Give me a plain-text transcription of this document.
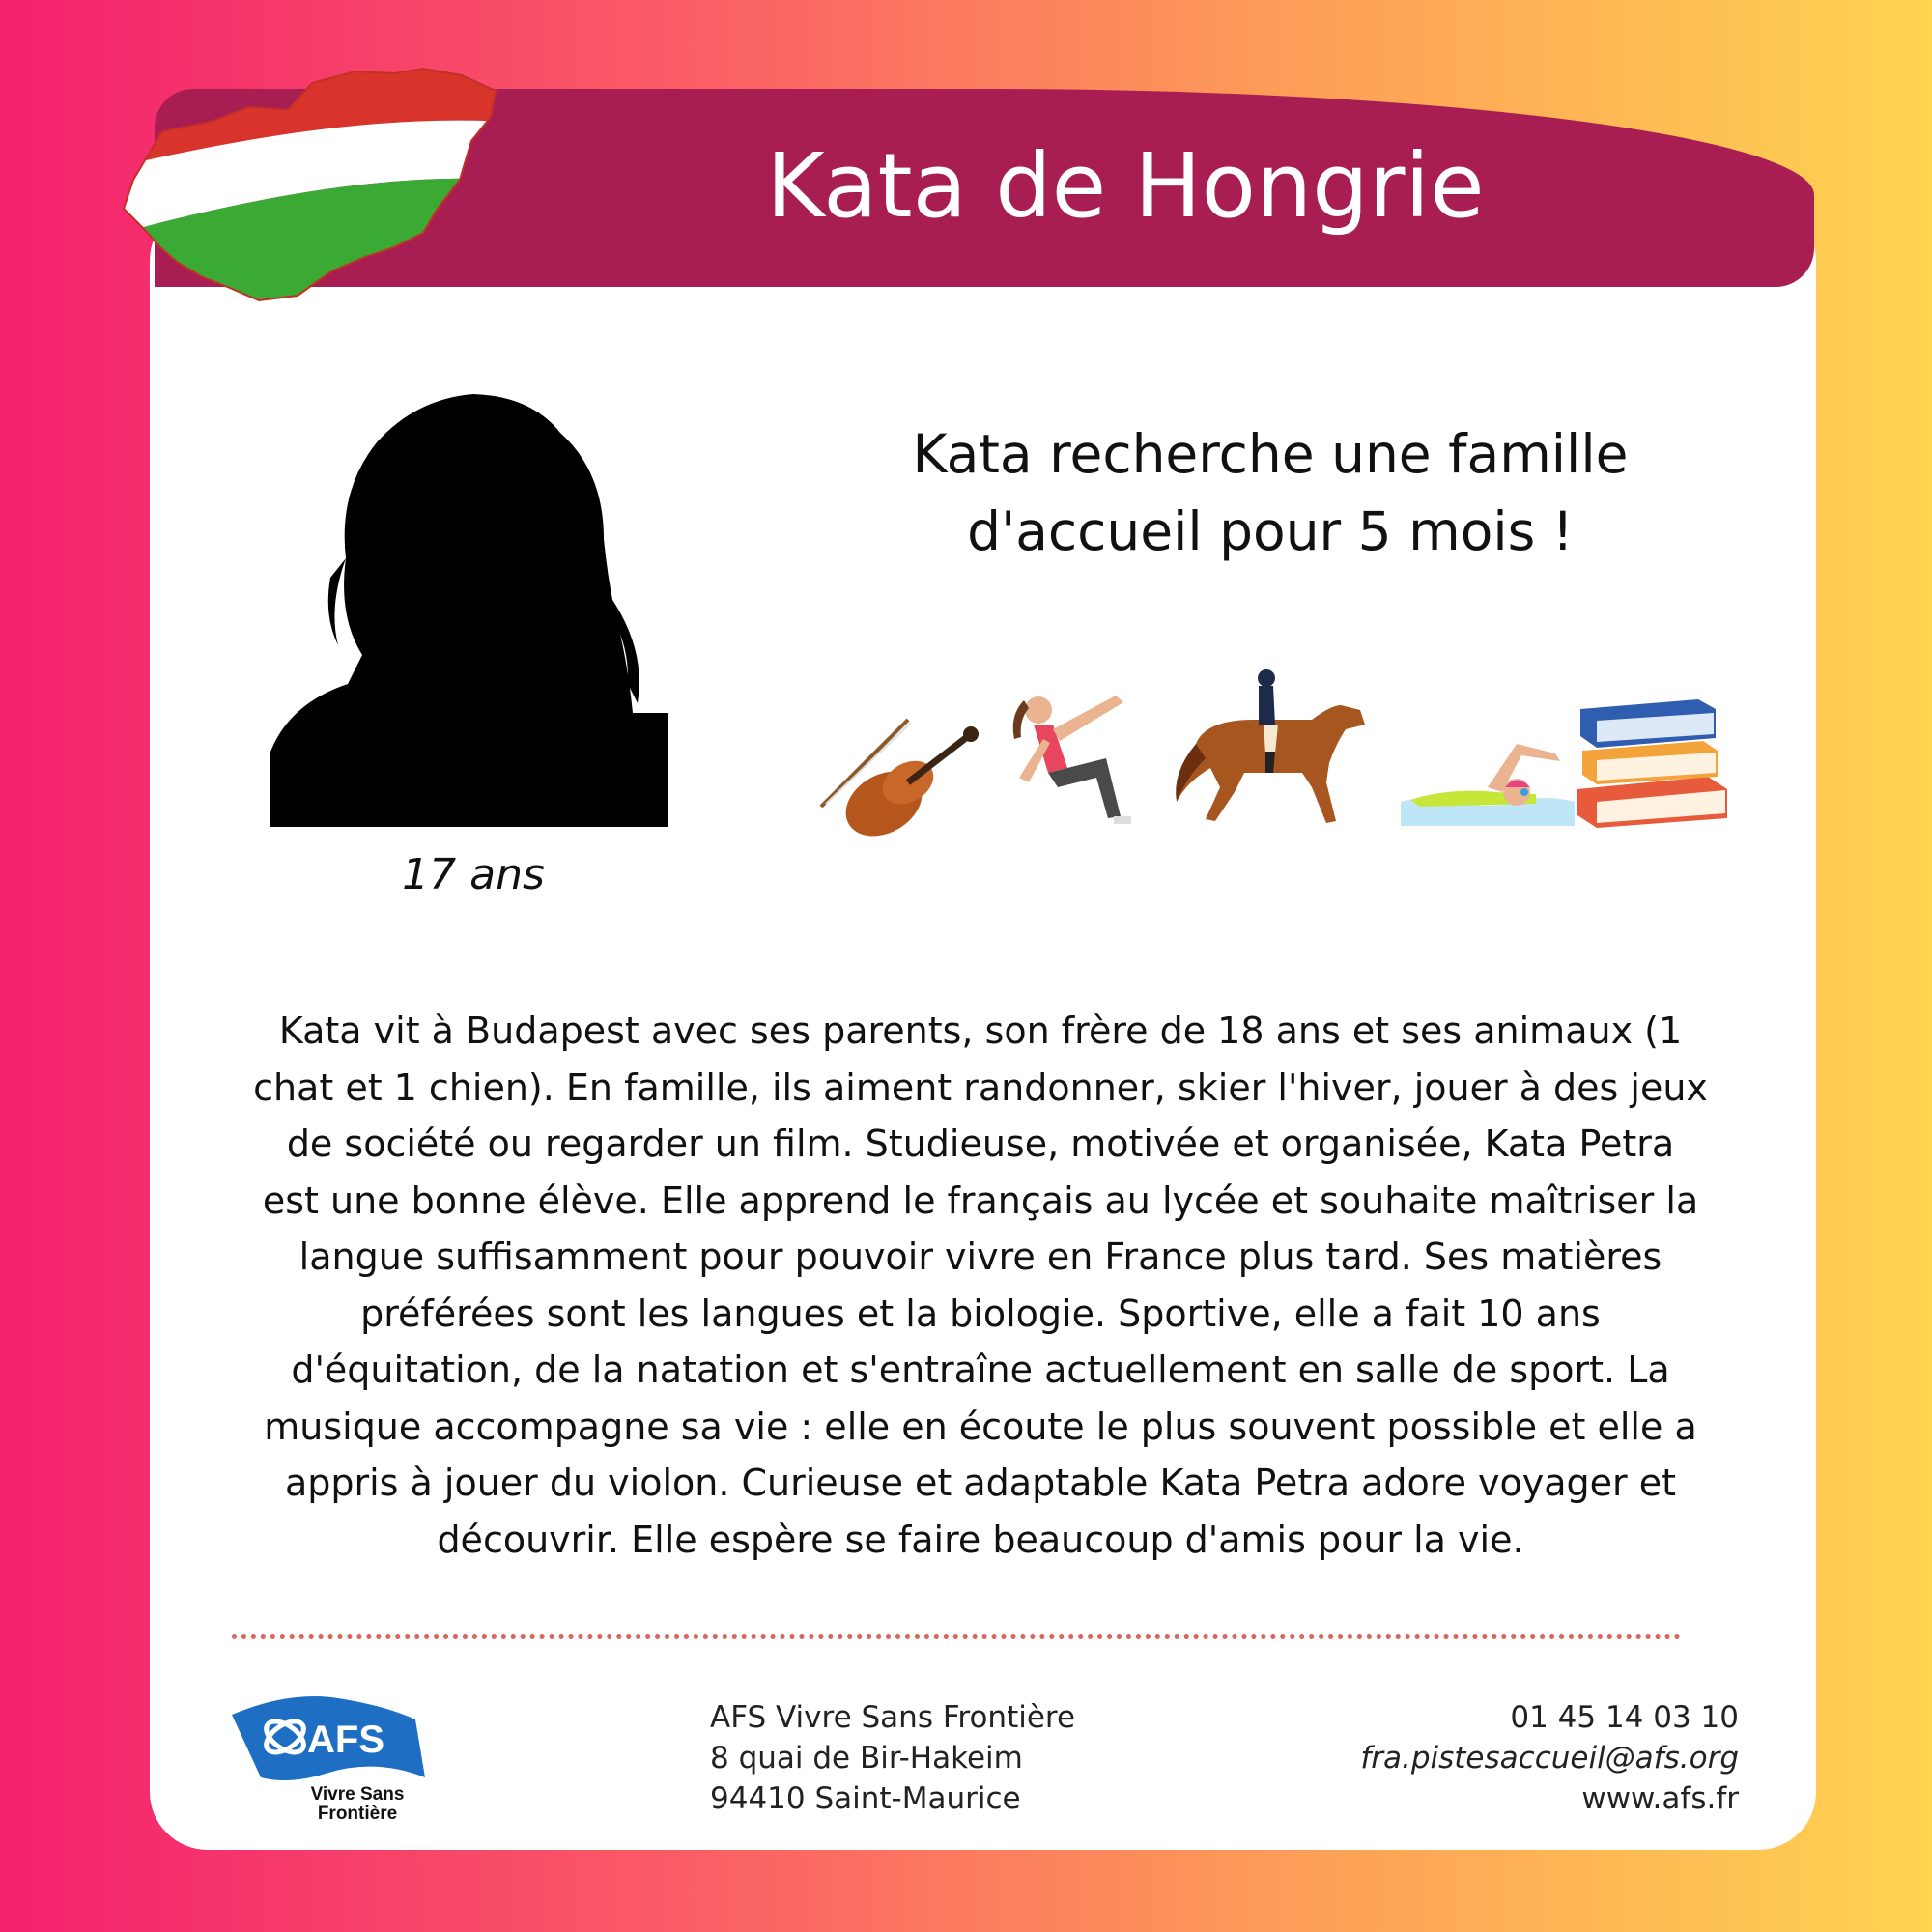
Kata de Hongrie
17 ans
Kata recherche une famille
d'accueil pour 5 mois !
Kata vit à Budapest avec ses parents, son frère de 18 ans et ses animaux (1
chat et 1 chien). En famille, ils aiment randonner, skier l'hiver, jouer à des jeux
de société ou regarder un film. Studieuse, motivée et organisée, Kata Petra
est une bonne élève. Elle apprend le français au lycée et souhaite maîtriser la
langue suffisamment pour pouvoir vivre en France plus tard. Ses matières
préférées sont les langues et la biologie. Sportive, elle a fait 10 ans
d'équitation, de la natation et s'entraîne actuellement en salle de sport. La
musique accompagne sa vie : elle en écoute le plus souvent possible et elle a
appris à jouer du violon. Curieuse et adaptable Kata Petra adore voyager et
découvrir. Elle espère se faire beaucoup d'amis pour la vie.
AFS
Vivre Sans
Frontière
AFS Vivre Sans Frontière
8 quai de Bir-Hakeim
94410 Saint-Maurice
01 45 14 03 10
fra.pistesaccueil@afs.org
www.afs.fr
